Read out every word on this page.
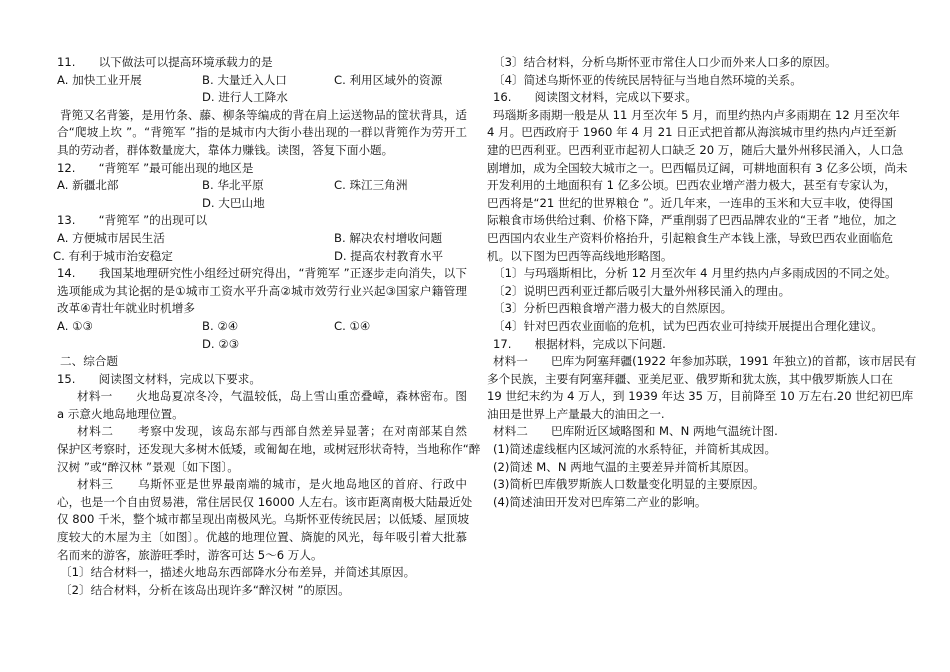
11.　　以下做法可以提高环境承载力的是
A. 加快工业开展	B. 大量迁入人口	C. 利用区域外的资源
D. 进行人工降水
背篼又名背篓，是用竹条、藤、柳条等编成的背在肩上运送物品的筐状背具，适
合“爬坡上坎 ”。“背篼军 ”指的是城市内大街小巷出现的一群以背篼作为劳开工
具的劳动者，群体数量庞大，靠体力赚钱。读图，答复下面小题。
12.　　“背篼军 ”最可能出现的地区是
A. 新疆北部	B. 华北平原	C. 珠江三角洲
D. 大巴山地
13.　　“背篼军 ”的出现可以
A. 方便城市居民生活	B. 解决农村增收问题
C. 有利于城市治安稳定	D. 提高农村教育水平
14.　　我国某地理研究性小组经过研究得出，“背篼军 ”正逐步走向消失，以下
选项能成为其论据的是①城市工资水平升高②城市效劳行业兴起③国家户籍管理
改革④青壮年就业时机增多
A. ①③	B. ②④	C. ①④
D. ②③
二、综合题
15.　　阅读图文材料，完成以下要求。
材料一　　火地岛夏凉冬冷，气温较低，岛上雪山重峦叠嶂，森林密布。图
a 示意火地岛地理位置。
材料二　　考察中发现，该岛东部与西部自然差异显著；在对南部某自然
保护区考察时，还发现大多树木低矮，或匍匐在地，或树冠形状奇特，当地称作“醉
汉树 ”或“醉汉林 ”景观〔如下图〕。
材料三　　乌斯怀亚是世界最南端的城市，是火地岛地区的首府、行政中
心，也是一个自由贸易港，常住居民仅 16000 人左右。该市距离南极大陆最近处
仅 800 千米，整个城市都呈现出南极风光。乌斯怀亚传统民居；以低矮、屋顶坡
度较大的木屋为主〔如图〕。优越的地理位置、旖旎的风光，每年吸引着大批慕
名而来的游客，旅游旺季时，游客可达 5～6 万人。
〔1〕结合材料一，描述火地岛东西部降水分布差异，并简述其原因。
〔2〕结合材料，分析在该岛出现许多“醉汉树 ”的原因。
〔3〕结合材料，分析乌斯怀亚市常住人口少而外来人口多的原因。
〔4〕简述乌斯怀亚的传统民居特征与当地自然环境的关系。
16.　　阅读图文材料，完成以下要求。
玛瑙斯多雨期一般是从 11 月至次年 5 月，而里约热内卢多雨期在 12 月至次年
4 月。巴西政府于 1960 年 4 月 21 日正式把首都从海滨城市里约热内卢迁至新
建的巴西利亚。巴西利亚市起初人口缺乏 20 万，随后大量外州移民涌入，人口急
剧增加，成为全国较大城市之一。巴西幅员辽阔，可耕地面积有 3 亿多公顷，尚未
开发利用的土地面积有 1 亿多公顷。巴西农业增产潜力极大，甚至有专家认为，
巴西将是“21 世纪的世界粮仓 ”。近几年来，一连串的玉米和大豆丰收，使得国
际粮食市场供给过剩、价格下降，严重削弱了巴西品牌农业的“王者 ”地位，加之
巴西国内农业生产资料价格抬升，引起粮食生产本钱上涨，导致巴西农业面临危
机。以下图为巴西等高线地形略图。
〔1〕与玛瑙斯相比，分析 12 月至次年 4 月里约热内卢多雨成因的不同之处。
〔2〕说明巴西利亚迁都后吸引大量外州移民涌入的理由。
〔3〕分析巴西粮食增产潜力极大的自然原因。
〔4〕针对巴西农业面临的危机，试为巴西农业可持续开展提出合理化建议。
17.　　根据材料，完成以下问题.
材料一　　巴库为阿塞拜疆(1922 年参加苏联，1991 年独立)的首都，该市居民有
多个民族，主要有阿塞拜疆、亚美尼亚、俄罗斯和犹太族，其中俄罗斯族人口在
19 世纪末约为 4 万人，到 1939 年达 35 万，目前降至 10 万左右.20 世纪初巴库
油田是世界上产量最大的油田之一.
材料二　　巴库附近区域略图和 M、N 两地气温统计图.
(1)简述虚线框内区域河流的水系特征，并简析其成因。
(2)简述 M、N 两地气温的主要差异并简析其原因。
(3)简析巴库俄罗斯族人口数量变化明显的主要原因。
(4)简述油田开发对巴库第二产业的影响。
